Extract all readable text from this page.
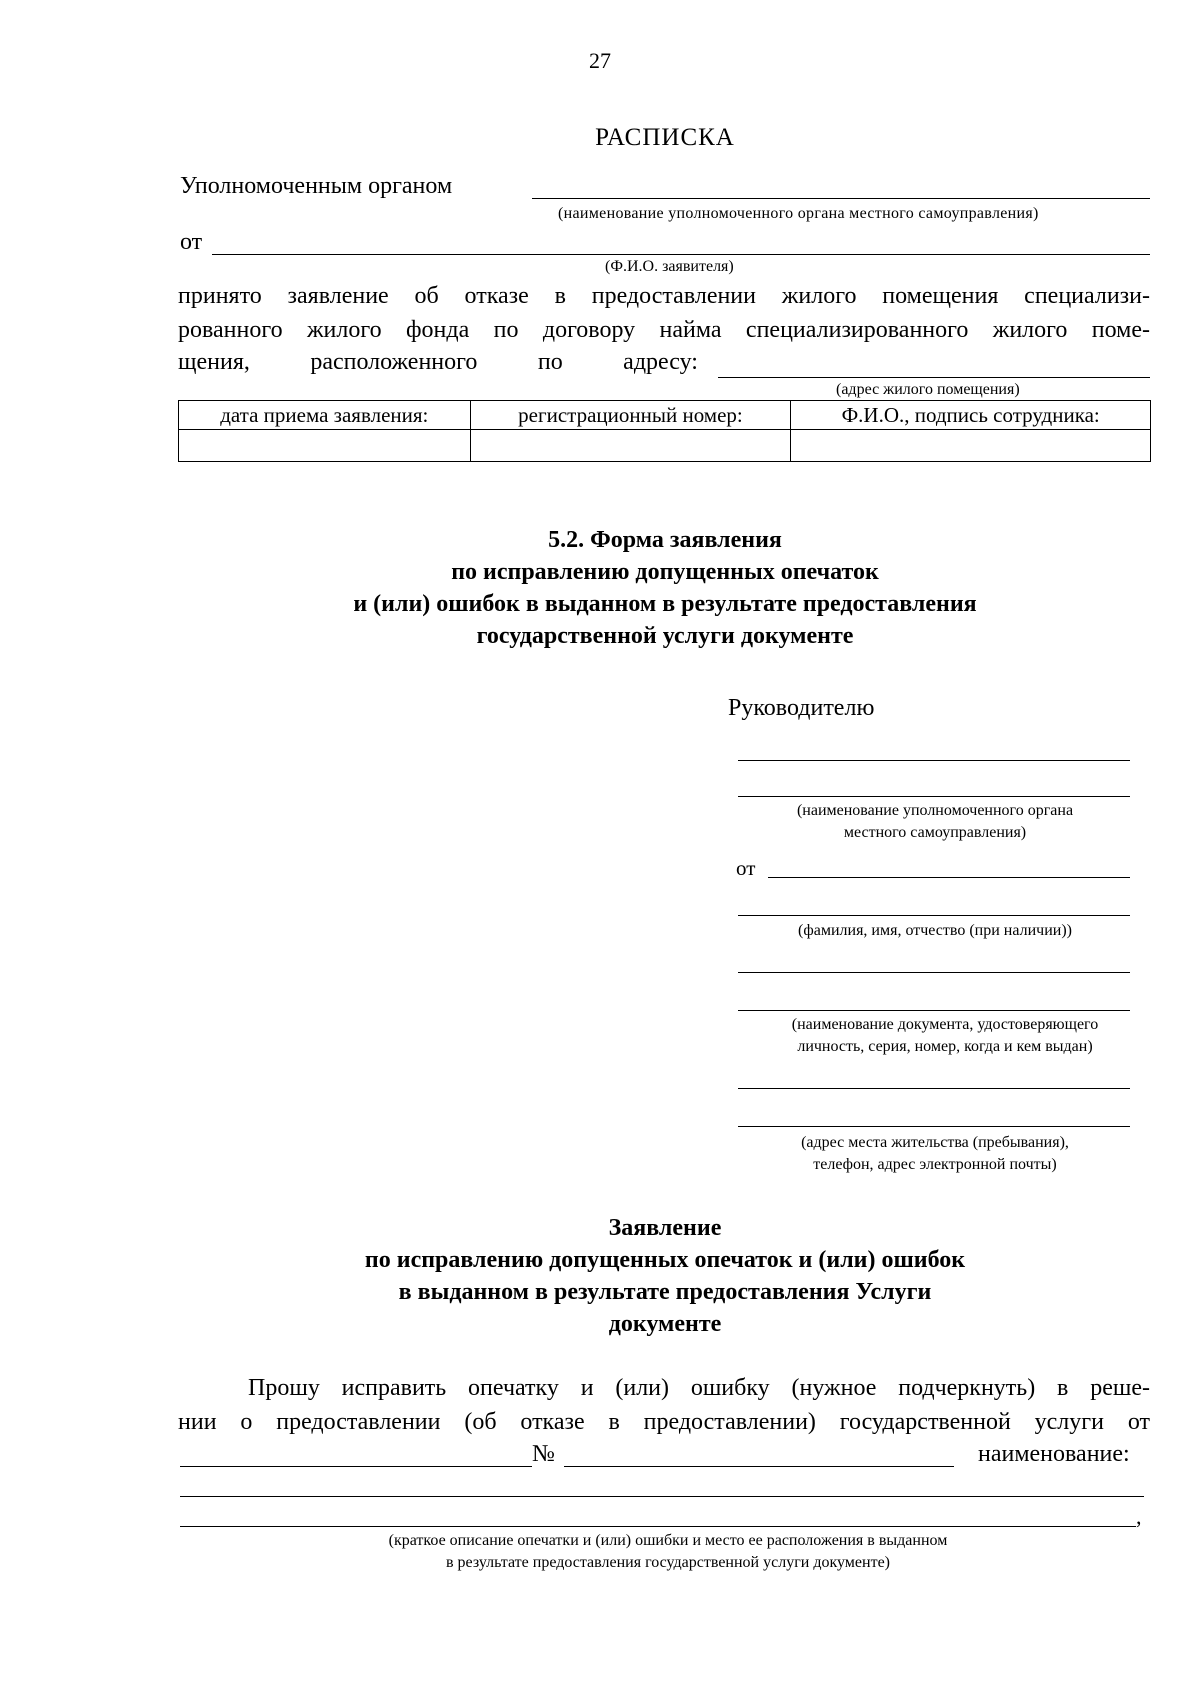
27
РАСПИСКА
Уполномоченным органом
(наименование уполномоченного органа местного самоуправления)
от
(Ф.И.О. заявителя)
принято заявление об отказе в предоставлении жилого помещения специализи-
рованного жилого фонда по договору найма специализированного жилого поме-
щения,	расположенного	по	адресу:
(адрес жилого помещения)
дата приема заявления:	регистрационный номер:	Ф.И.О., подпись сотрудника:

5.2. Форма заявления
по исправлению допущенных опечаток
и (или) ошибок в выданном в результате предоставления
государственной услуги документе
Руководителю
(наименование уполномоченного органа
местного самоуправления)
от
(фамилия, имя, отчество (при наличии))
(наименование документа, удостоверяющего
личность, серия, номер, когда и кем выдан)
(адрес места жительства (пребывания),
телефон, адрес электронной почты)
Заявление
по исправлению допущенных опечаток и (или) ошибок
в выданном в результате предоставления Услуги
документе
Прошу исправить опечатку и (или) ошибку (нужное подчеркнуть) в реше-
нии о предоставлении (об отказе в предоставлении) государственной услуги от
№	наименование:
,
(краткое описание опечатки и (или) ошибки и место ее расположения в выданном
в результате предоставления государственной услуги документе)
